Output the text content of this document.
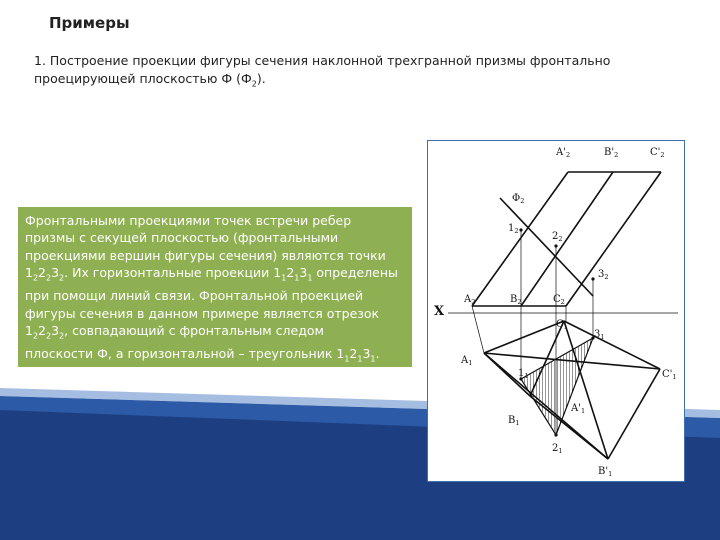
Примеры
1. Построение проекции фигуры сечения наклонной трехгранной призмы фронтально
проецирующей плоскостью Ф $(Ф_2)$.
Фронтальными проекциями точек встречи ребер
призмы с секущей плоскостью (фронтальными
проекциями вершин фигуры сечения) являются точки
$1_22_23_2$. Их горизонтальные проекции $1_12_13_1$ определены
при помощи линий связи. Фронтальной проекцией
фигуры сечения в данном примере является отрезок
$1_22_23_2$, совпадающий с фронтальным следом
плоскости Ф, а горизонтальной – треугольник $1_12_13_1$.
$A'_2$	$B'_2$	$C'_2$
$\Phi_2$
$1_2$	$2_2$
$3_2$
$A_2$	$B_2$	$C_2$
X
$C_1$
$3_1$
$A_1$
$1_1$	$C'_1$
$A'_1$
$B_1$
$2_1$
$B'_1$
